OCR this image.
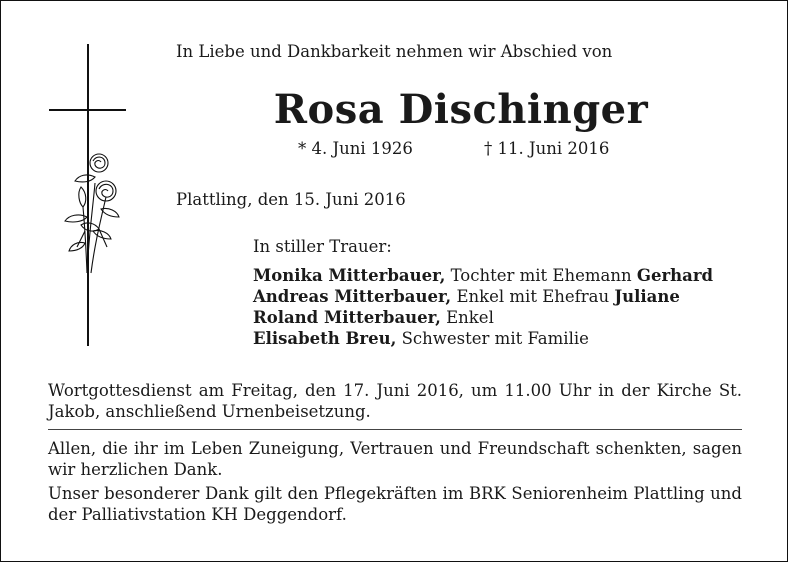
In Liebe und Dankbarkeit nehmen wir Abschied von
Rosa Dischinger
* 4. Juni 1926	† 11. Juni 2016
Plattling, den 15. Juni 2016
In stiller Trauer:
Monika Mitterbauer, Tochter mit Ehemann Gerhard
Andreas Mitterbauer, Enkel mit Ehefrau Juliane
Roland Mitterbauer, Enkel
Elisabeth Breu, Schwester mit Familie
Wortgottesdienst am Freitag, den 17. Juni 2016, um 11.00 Uhr in der Kirche St. Jakob, anschließend Urnenbeisetzung.
Allen, die ihr im Leben Zuneigung, Vertrauen und Freundschaft schenkten, sagen wir herzlichen Dank.
Unser besonderer Dank gilt den Pflegekräften im BRK Seniorenheim Plattling und der Palliativstation KH Deggendorf.
